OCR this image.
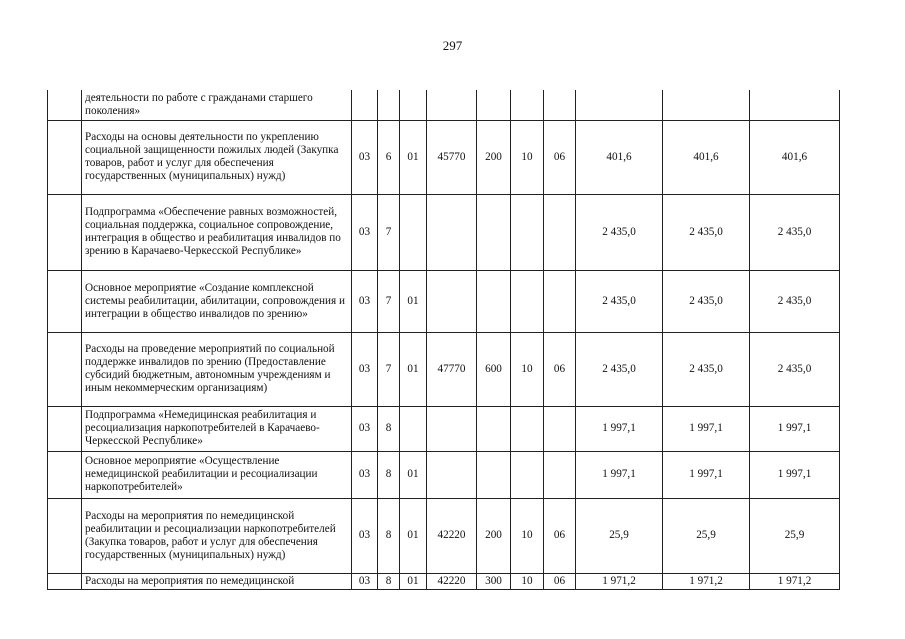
297
	деятельности по работе с гражданами старшего поколения»										
	Расходы на основы деятельности по укреплению социальной защищенности пожилых людей (Закупка товаров, работ и услуг для обеспечения государственных (муниципальных) нужд)	03	6	01	45770	200	10	06	401,6	401,6	401,6
	Подпрограмма «Обеспечение равных возможностей, социальная поддержка, социальное сопровождение, интеграция в общество и реабилитация инвалидов по зрению в Карачаево-Черкесской Республике»	03	7						2 435,0	2 435,0	2 435,0
	Основное мероприятие «Создание комплексной системы реабилитации, абилитации, сопровождения и интеграции в общество инвалидов по зрению»	03	7	01					2 435,0	2 435,0	2 435,0
	Расходы на проведение мероприятий по социальной поддержке инвалидов по зрению (Предоставление субсидий бюджетным, автономным учреждениям и иным некоммерческим организациям)	03	7	01	47770	600	10	06	2 435,0	2 435,0	2 435,0
	Подпрограмма «Немедицинская реабилитация и ресоциализация наркопотребителей в Карачаево-Черкесской Республике»	03	8						1 997,1	1 997,1	1 997,1
	Основное мероприятие «Осуществление немедицинской реабилитации и ресоциализации наркопотребителей»	03	8	01					1 997,1	1 997,1	1 997,1
	Расходы на мероприятия по немедицинской реабилитации и ресоциализации наркопотребителей (Закупка товаров, работ и услуг для обеспечения государственных (муниципальных) нужд)	03	8	01	42220	200	10	06	25,9	25,9	25,9
	Расходы на мероприятия по немедицинской	03	8	01	42220	300	10	06	1 971,2	1 971,2	1 971,2
